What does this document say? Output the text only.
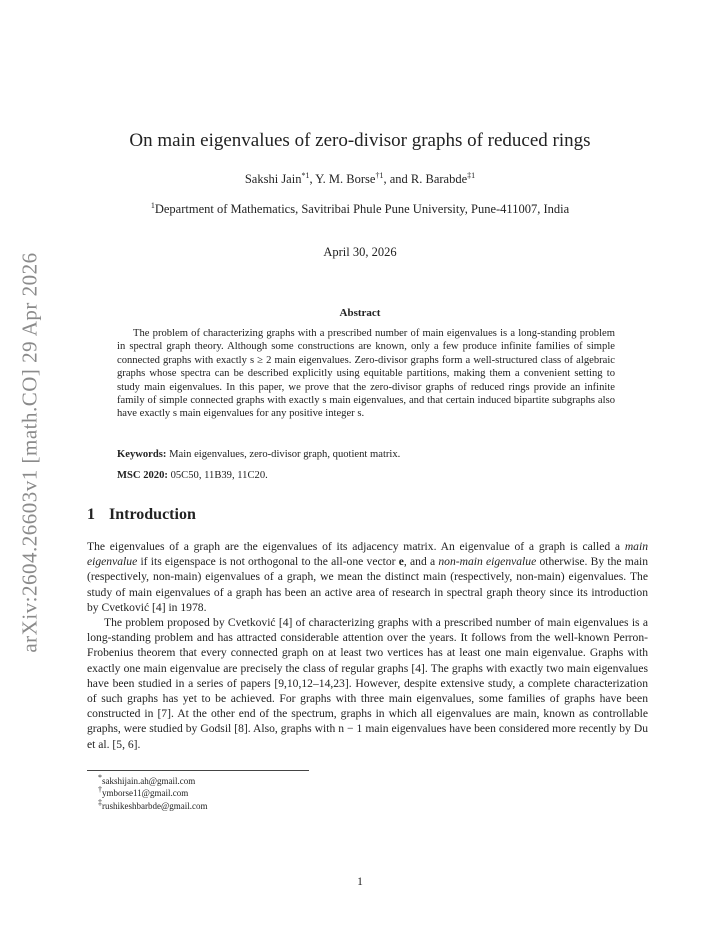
arXiv:2604.26603v1 [math.CO] 29 Apr 2026
On main eigenvalues of zero-divisor graphs of reduced rings
Sakshi Jain$^{*1}$, Y. M. Borse$^{\dagger 1}$, and R. Barabde$^{\ddagger 1}$
$^1$Department of Mathematics, Savitribai Phule Pune University, Pune-411007, India
April 30, 2026
Abstract
The problem of characterizing graphs with a prescribed number of main eigenvalues is a long-standing problem in spectral graph theory. Although some constructions are known, only a few produce infinite families of simple connected graphs with exactly s ≥ 2 main eigenvalues. Zero-divisor graphs form a well-structured class of algebraic graphs whose spectra can be described explicitly using equitable partitions, making them a convenient setting to study main eigenvalues. In this paper, we prove that the zero-divisor graphs of reduced rings provide an infinite family of simple connected graphs with exactly s main eigenvalues, and that certain induced bipartite subgraphs also have exactly s main eigenvalues for any positive integer s.
Keywords: Main eigenvalues, zero-divisor graph, quotient matrix.
MSC 2020: 05C50, 11B39, 11C20.
1 Introduction

The eigenvalues of a graph are the eigenvalues of its adjacency matrix. An eigenvalue of a graph is called a main eigenvalue if its eigenspace is not orthogonal to the all-one vector e, and a non-main eigenvalue otherwise. By the main (respectively, non-main) eigenvalues of a graph, we mean the distinct main (respectively, non-main) eigenvalues. The study of main eigenvalues of a graph has been an active area of research in spectral graph theory since its introduction by Cvetković [4] in 1978.

The problem proposed by Cvetković [4] of characterizing graphs with a prescribed number of main eigenvalues is a long-standing problem and has attracted considerable attention over the years. It follows from the well-known Perron-Frobenius theorem that every connected graph on at least two vertices has at least one main eigenvalue. Graphs with exactly one main eigenvalue are precisely the class of regular graphs [4]. The graphs with exactly two main eigenvalues have been studied in a series of papers [9,10,12–14,23]. However, despite extensive study, a complete characterization of such graphs has yet to be achieved. For graphs with three main eigenvalues, some families of graphs have been constructed in [7]. At the other end of the spectrum, graphs in which all eigenvalues are main, known as controllable graphs, were studied by Godsil [8]. Also, graphs with n − 1 main eigenvalues have been considered more recently by Du et al. [5, 6].

*sakshijain.ah@gmail.com
†ymborse11@gmail.com
‡rushikeshbarbde@gmail.com
1
